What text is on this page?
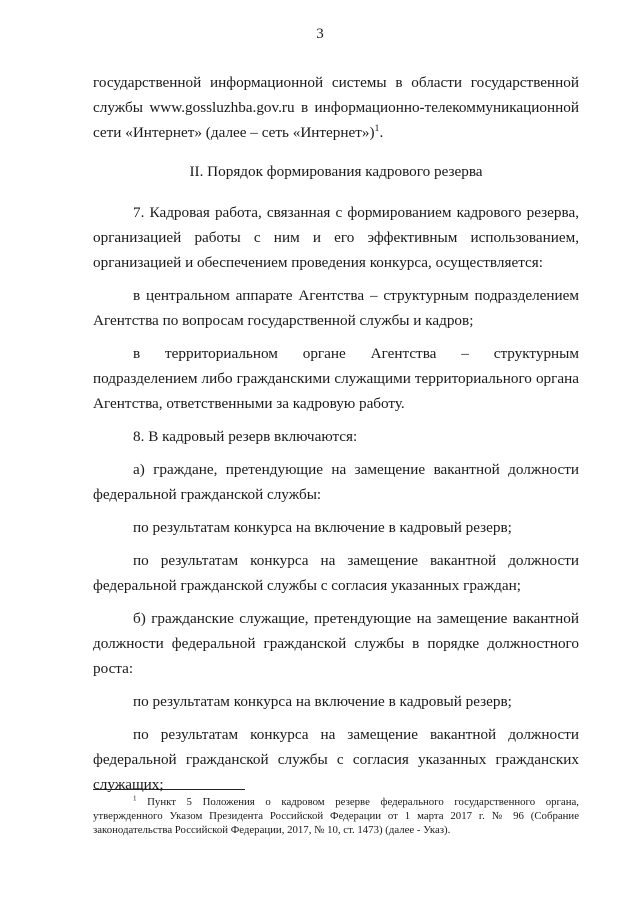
3

государственной информационной системы в области государственной службы www.gossluzhba.gov.ru в информационно-телекоммуникационной сети «Интернет» (далее – сеть «Интернет»)$^1$.

II. Порядок формирования кадрового резерва

7. Кадровая работа, связанная с формированием кадрового резерва, организацией работы с ним и его эффективным использованием, организацией и обеспечением проведения конкурса, осуществляется:

в центральном аппарате Агентства – структурным подразделением Агентства по вопросам государственной службы и кадров;

в территориальном органе Агентства – структурным подразделением либо гражданскими служащими территориального органа Агентства, ответственными за кадровую работу.

8. В кадровый резерв включаются:

а) граждане, претендующие на замещение вакантной должности федеральной гражданской службы:

по результатам конкурса на включение в кадровый резерв;

по результатам конкурса на замещение вакантной должности федеральной гражданской службы с согласия указанных граждан;

б) гражданские служащие, претендующие на замещение вакантной должности федеральной гражданской службы в порядке должностного роста:

по результатам конкурса на включение в кадровый резерв;

по результатам конкурса на замещение вакантной должности федеральной гражданской службы с согласия указанных гражданских служащих;

$^1$ Пункт 5 Положения о кадровом резерве федерального государственного органа, утвержденного Указом Президента Российской Федерации от 1 марта 2017 г. № 96 (Собрание законодательства Российской Федерации, 2017, № 10, ст. 1473) (далее - Указ).
